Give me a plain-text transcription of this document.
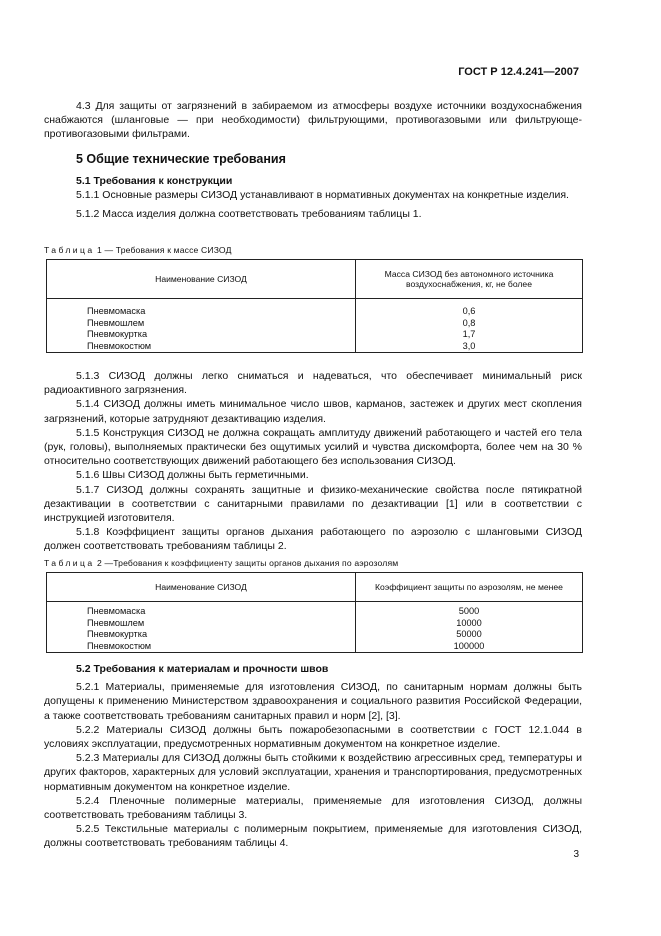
ГОСТ Р 12.4.241—2007

4.3 Для защиты от загрязнений в забираемом из атмосферы воздухе источники воздухоснабжения снабжаются (шланговые — при необходимости) фильтрующими, противогазовыми или фильтрующе-противогазовыми фильтрами.

5 Общие технические требования

5.1 Требования к конструкции

5.1.1 Основные размеры СИЗОД устанавливают в нормативных документах на конкретные изделия.

5.1.2 Масса изделия должна соответствовать требованиям таблицы 1.

Таблица 1 — Требования к массе СИЗОД
Наименование СИЗОД	Масса СИЗОД без автономного источника
воздухоснабжения, кг, не более

Пневмомаска	0,6
Пневмошлем	0,8
Пневмокуртка	1,7
Пневмокостюм	3,0

5.1.3 СИЗОД должны легко сниматься и надеваться, что обеспечивает минимальный риск радиоактивного загрязнения.

5.1.4 СИЗОД должны иметь минимальное число швов, карманов, застежек и других мест скопления загрязнений, которые затрудняют дезактивацию изделия.

5.1.5 Конструкция СИЗОД не должна сокращать амплитуду движений работающего и частей его тела (рук, головы), выполняемых практически без ощутимых усилий и чувства дискомфорта, более чем на 30 % относительно соответствующих движений работающего без использования СИЗОД.

5.1.6 Швы СИЗОД должны быть герметичными.

5.1.7 СИЗОД должны сохранять защитные и физико-механические свойства после пятикратной дезактивации в соответствии с санитарными правилами по дезактивации [1] или в соответствии с инструкцией изготовителя.

5.1.8 Коэффициент защиты органов дыхания работающего по аэрозолю с шланговыми СИЗОД должен соответствовать требованиям таблицы 2.

Таблица 2 —Требования к коэффициенту защиты органов дыхания по аэрозолям
Наименование СИЗОД	Коэффициент защиты по аэрозолям, не менее
Пневмомаска	5000
Пневмошлем	10000
Пневмокуртка	50000
Пневмокостюм	100000

5.2 Требования к материалам и прочности швов

5.2.1 Материалы, применяемые для изготовления СИЗОД, по санитарным нормам должны быть допущены к применению Министерством здравоохранения и социального развития Российской Федерации, а также соответствовать требованиям санитарных правил и норм [2], [3].

5.2.2 Материалы СИЗОД должны быть пожаробезопасными в соответствии с ГОСТ 12.1.044 в условиях эксплуатации, предусмотренных нормативным документом на конкретное изделие.

5.2.3 Материалы для СИЗОД должны быть стойкими к воздействию агрессивных сред, температуры и других факторов, характерных для условий эксплуатации, хранения и транспортирования, предусмотренных нормативным документом на конкретное изделие.

5.2.4 Пленочные полимерные материалы, применяемые для изготовления СИЗОД, должны соответствовать требованиям таблицы 3.

5.2.5 Текстильные материалы с полимерным покрытием, применяемые для изготовления СИЗОД, должны соответствовать требованиям таблицы 4.

3
